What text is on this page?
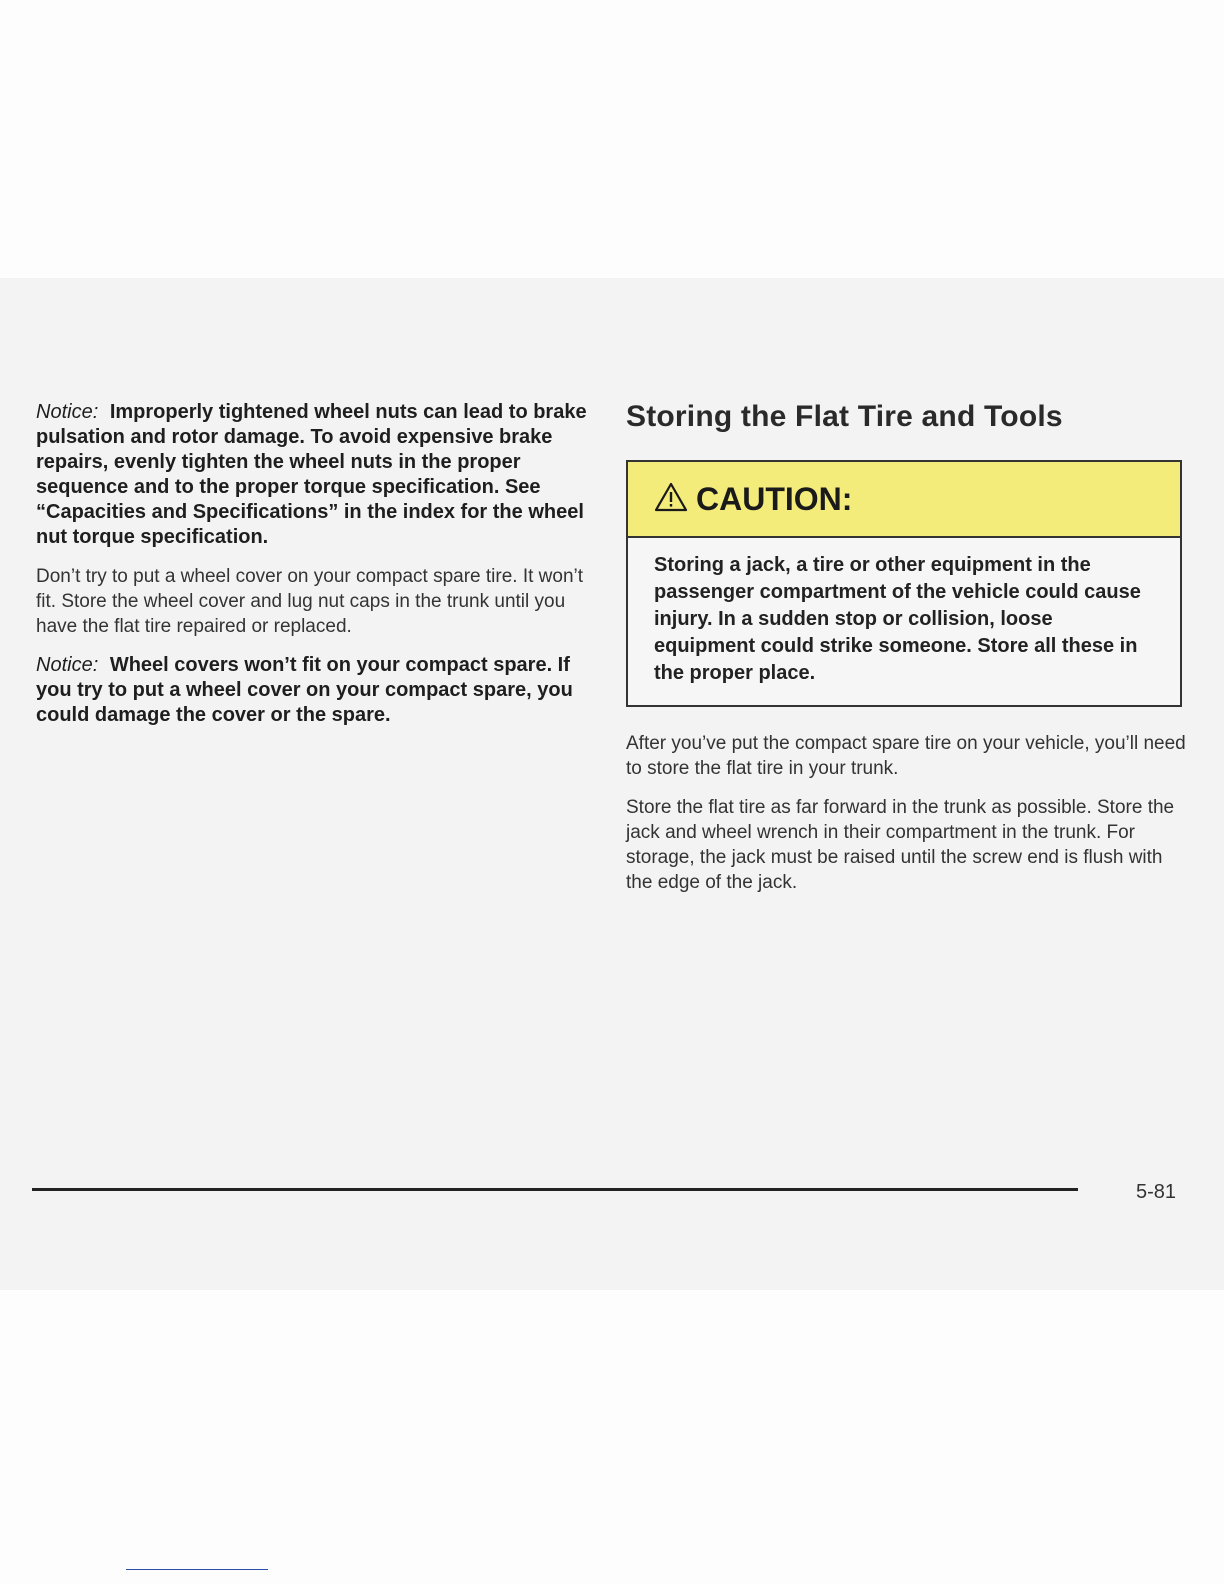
Notice: Improperly tightened wheel nuts can lead to brake pulsation and rotor damage. To avoid expensive brake repairs, evenly tighten the wheel nuts in the proper sequence and to the proper torque specification. See “Capacities and Specifications” in the index for the wheel nut torque specification.

Don’t try to put a wheel cover on your compact spare tire. It won’t fit. Store the wheel cover and lug nut caps in the trunk until you have the flat tire repaired or replaced.

Notice: Wheel covers won’t fit on your compact spare. If you try to put a wheel cover on your compact spare, you could damage the cover or the spare.

Storing the Flat Tire and Tools
CAUTION:
Storing a jack, a tire or other equipment in the passenger compartment of the vehicle could cause injury. In a sudden stop or collision, loose equipment could strike someone. Store all these in the proper place.

After you’ve put the compact spare tire on your vehicle, you’ll need to store the flat tire in your trunk.

Store the flat tire as far forward in the trunk as possible. Store the jack and wheel wrench in their compartment in the trunk. For storage, the jack must be raised until the screw end is flush with the edge of the jack.

5-81
